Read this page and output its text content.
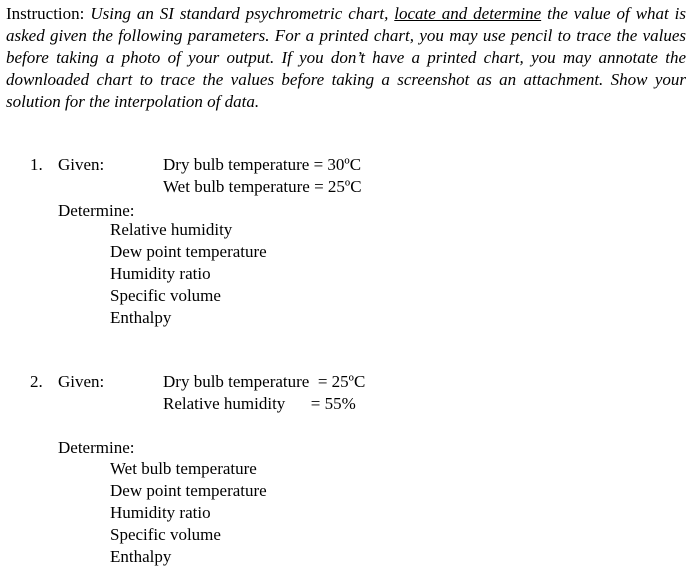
Instruction: Using an SI standard psychrometric chart, locate and determine the value of what is asked given the following parameters. For a printed chart, you may use pencil to trace the values before taking a photo of your output. If you don’t have a printed chart, you may annotate the downloaded chart to trace the values before taking a screenshot as an attachment. Show your solution for the interpolation of data.
1. Given:	Dry bulb temperature = 30ºC
Wet bulb temperature = 25ºC
Determine:
Relative humidity
Dew point temperature
Humidity ratio
Specific volume
Enthalpy
2. Given:	Dry bulb temperature  = 25ºC
Relative humidity      = 55%
Determine:
Wet bulb temperature
Dew point temperature
Humidity ratio
Specific volume
Enthalpy
